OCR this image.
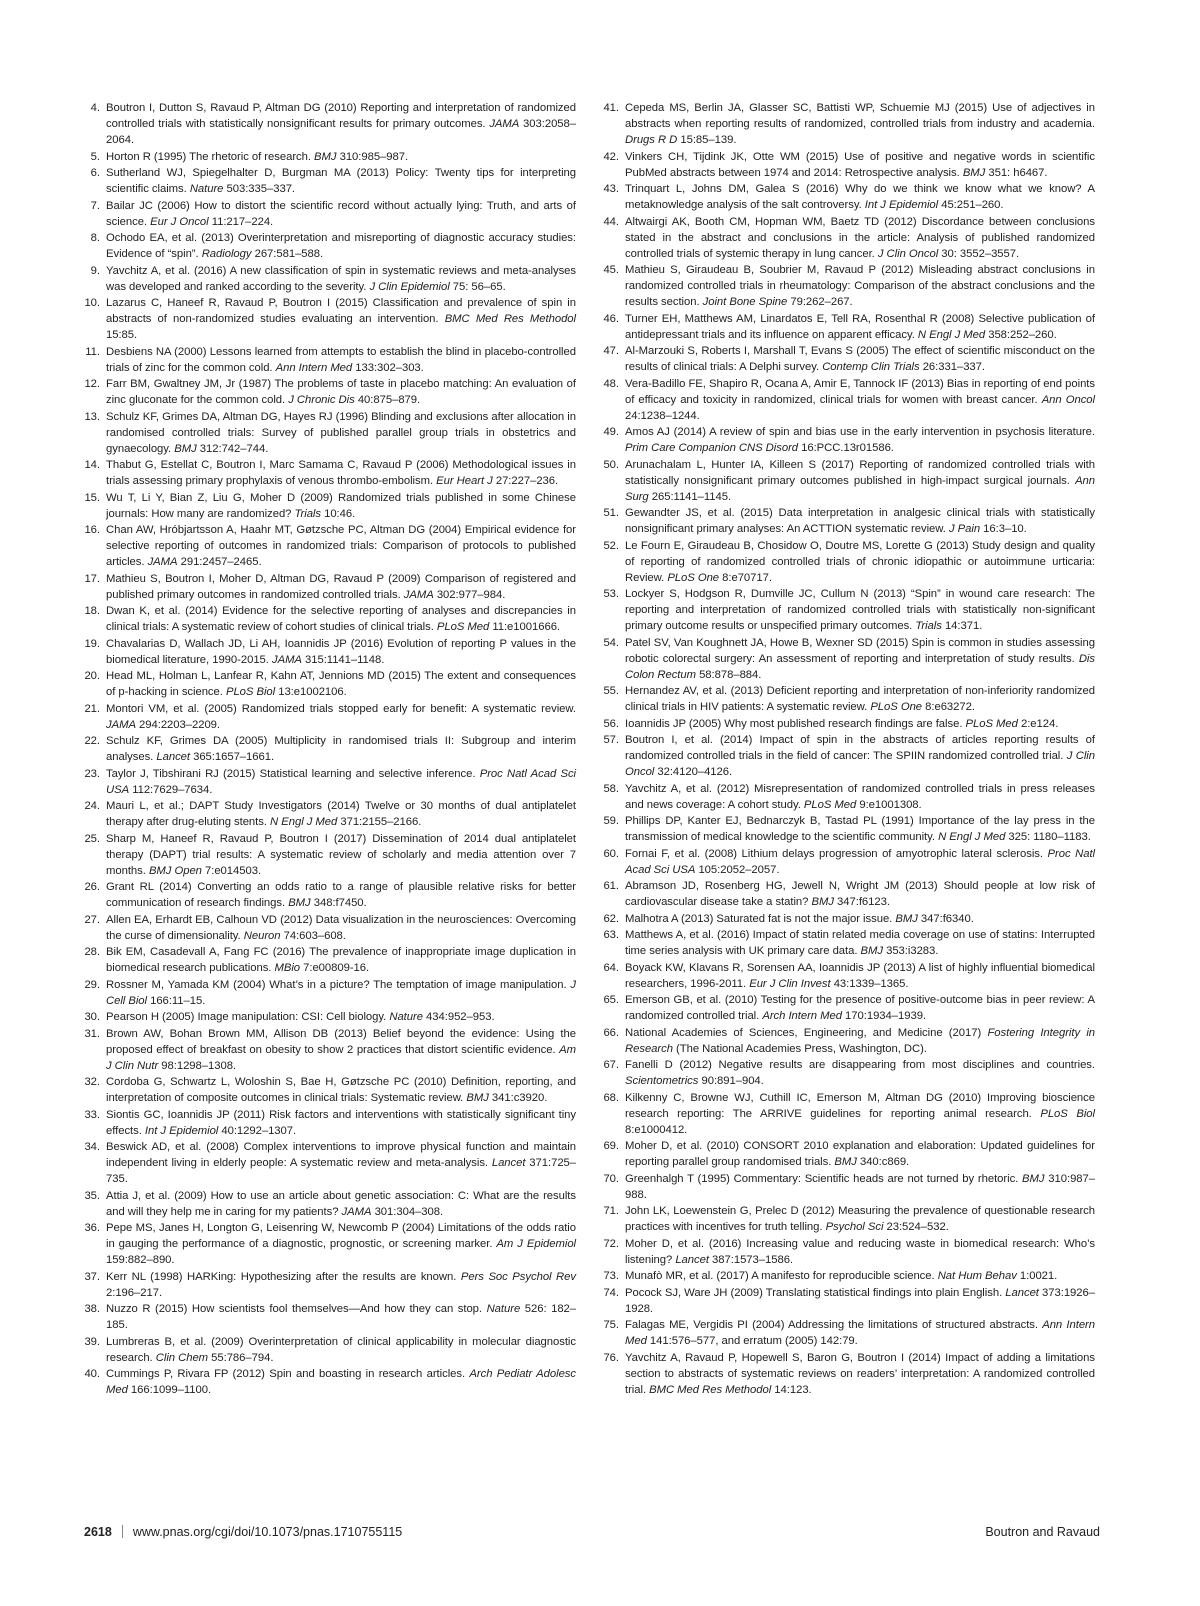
4. Boutron I, Dutton S, Ravaud P, Altman DG (2010) Reporting and interpretation of randomized controlled trials with statistically nonsignificant results for primary outcomes. JAMA 303:2058–2064.
5. Horton R (1995) The rhetoric of research. BMJ 310:985–987.
6. Sutherland WJ, Spiegelhalter D, Burgman MA (2013) Policy: Twenty tips for interpreting scientific claims. Nature 503:335–337.
7. Bailar JC (2006) How to distort the scientific record without actually lying: Truth, and arts of science. Eur J Oncol 11:217–224.
8. Ochodo EA, et al. (2013) Overinterpretation and misreporting of diagnostic accuracy studies: Evidence of “spin”. Radiology 267:581–588.
9. Yavchitz A, et al. (2016) A new classification of spin in systematic reviews and meta-analyses was developed and ranked according to the severity. J Clin Epidemiol 75: 56–65.
10. Lazarus C, Haneef R, Ravaud P, Boutron I (2015) Classification and prevalence of spin in abstracts of non-randomized studies evaluating an intervention. BMC Med Res Methodol 15:85.
11. Desbiens NA (2000) Lessons learned from attempts to establish the blind in placebo-controlled trials of zinc for the common cold. Ann Intern Med 133:302–303.
12. Farr BM, Gwaltney JM, Jr (1987) The problems of taste in placebo matching: An evaluation of zinc gluconate for the common cold. J Chronic Dis 40:875–879.
13. Schulz KF, Grimes DA, Altman DG, Hayes RJ (1996) Blinding and exclusions after allocation in randomised controlled trials: Survey of published parallel group trials in obstetrics and gynaecology. BMJ 312:742–744.
14. Thabut G, Estellat C, Boutron I, Marc Samama C, Ravaud P (2006) Methodological issues in trials assessing primary prophylaxis of venous thrombo-embolism. Eur Heart J 27:227–236.
15. Wu T, Li Y, Bian Z, Liu G, Moher D (2009) Randomized trials published in some Chinese journals: How many are randomized? Trials 10:46.
16. Chan AW, Hróbjartsson A, Haahr MT, Gøtzsche PC, Altman DG (2004) Empirical evidence for selective reporting of outcomes in randomized trials: Comparison of protocols to published articles. JAMA 291:2457–2465.
17. Mathieu S, Boutron I, Moher D, Altman DG, Ravaud P (2009) Comparison of registered and published primary outcomes in randomized controlled trials. JAMA 302:977–984.
18. Dwan K, et al. (2014) Evidence for the selective reporting of analyses and discrepancies in clinical trials: A systematic review of cohort studies of clinical trials. PLoS Med 11:e1001666.
19. Chavalarias D, Wallach JD, Li AH, Ioannidis JP (2016) Evolution of reporting P values in the biomedical literature, 1990-2015. JAMA 315:1141–1148.
20. Head ML, Holman L, Lanfear R, Kahn AT, Jennions MD (2015) The extent and consequences of p-hacking in science. PLoS Biol 13:e1002106.
21. Montori VM, et al. (2005) Randomized trials stopped early for benefit: A systematic review. JAMA 294:2203–2209.
22. Schulz KF, Grimes DA (2005) Multiplicity in randomised trials II: Subgroup and interim analyses. Lancet 365:1657–1661.
23. Taylor J, Tibshirani RJ (2015) Statistical learning and selective inference. Proc Natl Acad Sci USA 112:7629–7634.
24. Mauri L, et al.; DAPT Study Investigators (2014) Twelve or 30 months of dual antiplatelet therapy after drug-eluting stents. N Engl J Med 371:2155–2166.
25. Sharp M, Haneef R, Ravaud P, Boutron I (2017) Dissemination of 2014 dual antiplatelet therapy (DAPT) trial results: A systematic review of scholarly and media attention over 7 months. BMJ Open 7:e014503.
26. Grant RL (2014) Converting an odds ratio to a range of plausible relative risks for better communication of research findings. BMJ 348:f7450.
27. Allen EA, Erhardt EB, Calhoun VD (2012) Data visualization in the neurosciences: Overcoming the curse of dimensionality. Neuron 74:603–608.
28. Bik EM, Casadevall A, Fang FC (2016) The prevalence of inappropriate image duplication in biomedical research publications. MBio 7:e00809-16.
29. Rossner M, Yamada KM (2004) What’s in a picture? The temptation of image manipulation. J Cell Biol 166:11–15.
30. Pearson H (2005) Image manipulation: CSI: Cell biology. Nature 434:952–953.
31. Brown AW, Bohan Brown MM, Allison DB (2013) Belief beyond the evidence: Using the proposed effect of breakfast on obesity to show 2 practices that distort scientific evidence. Am J Clin Nutr 98:1298–1308.
32. Cordoba G, Schwartz L, Woloshin S, Bae H, Gøtzsche PC (2010) Definition, reporting, and interpretation of composite outcomes in clinical trials: Systematic review. BMJ 341:c3920.
33. Siontis GC, Ioannidis JP (2011) Risk factors and interventions with statistically significant tiny effects. Int J Epidemiol 40:1292–1307.
34. Beswick AD, et al. (2008) Complex interventions to improve physical function and maintain independent living in elderly people: A systematic review and meta-analysis. Lancet 371:725–735.
35. Attia J, et al. (2009) How to use an article about genetic association: C: What are the results and will they help me in caring for my patients? JAMA 301:304–308.
36. Pepe MS, Janes H, Longton G, Leisenring W, Newcomb P (2004) Limitations of the odds ratio in gauging the performance of a diagnostic, prognostic, or screening marker. Am J Epidemiol 159:882–890.
37. Kerr NL (1998) HARKing: Hypothesizing after the results are known. Pers Soc Psychol Rev 2:196–217.
38. Nuzzo R (2015) How scientists fool themselves—And how they can stop. Nature 526: 182–185.
39. Lumbreras B, et al. (2009) Overinterpretation of clinical applicability in molecular diagnostic research. Clin Chem 55:786–794.
40. Cummings P, Rivara FP (2012) Spin and boasting in research articles. Arch Pediatr Adolesc Med 166:1099–1100.
41. Cepeda MS, Berlin JA, Glasser SC, Battisti WP, Schuemie MJ (2015) Use of adjectives in abstracts when reporting results of randomized, controlled trials from industry and academia. Drugs R D 15:85–139.
42. Vinkers CH, Tijdink JK, Otte WM (2015) Use of positive and negative words in scientific PubMed abstracts between 1974 and 2014: Retrospective analysis. BMJ 351: h6467.
43. Trinquart L, Johns DM, Galea S (2016) Why do we think we know what we know? A metaknowledge analysis of the salt controversy. Int J Epidemiol 45:251–260.
44. Altwairgi AK, Booth CM, Hopman WM, Baetz TD (2012) Discordance between conclusions stated in the abstract and conclusions in the article: Analysis of published randomized controlled trials of systemic therapy in lung cancer. J Clin Oncol 30: 3552–3557.
45. Mathieu S, Giraudeau B, Soubrier M, Ravaud P (2012) Misleading abstract conclusions in randomized controlled trials in rheumatology: Comparison of the abstract conclusions and the results section. Joint Bone Spine 79:262–267.
46. Turner EH, Matthews AM, Linardatos E, Tell RA, Rosenthal R (2008) Selective publication of antidepressant trials and its influence on apparent efficacy. N Engl J Med 358:252–260.
47. Al-Marzouki S, Roberts I, Marshall T, Evans S (2005) The effect of scientific misconduct on the results of clinical trials: A Delphi survey. Contemp Clin Trials 26:331–337.
48. Vera-Badillo FE, Shapiro R, Ocana A, Amir E, Tannock IF (2013) Bias in reporting of end points of efficacy and toxicity in randomized, clinical trials for women with breast cancer. Ann Oncol 24:1238–1244.
49. Amos AJ (2014) A review of spin and bias use in the early intervention in psychosis literature. Prim Care Companion CNS Disord 16:PCC.13r01586.
50. Arunachalam L, Hunter IA, Killeen S (2017) Reporting of randomized controlled trials with statistically nonsignificant primary outcomes published in high-impact surgical journals. Ann Surg 265:1141–1145.
51. Gewandter JS, et al. (2015) Data interpretation in analgesic clinical trials with statistically nonsignificant primary analyses: An ACTTION systematic review. J Pain 16:3–10.
52. Le Fourn E, Giraudeau B, Chosidow O, Doutre MS, Lorette G (2013) Study design and quality of reporting of randomized controlled trials of chronic idiopathic or autoimmune urticaria: Review. PLoS One 8:e70717.
53. Lockyer S, Hodgson R, Dumville JC, Cullum N (2013) “Spin” in wound care research: The reporting and interpretation of randomized controlled trials with statistically non-significant primary outcome results or unspecified primary outcomes. Trials 14:371.
54. Patel SV, Van Koughnett JA, Howe B, Wexner SD (2015) Spin is common in studies assessing robotic colorectal surgery: An assessment of reporting and interpretation of study results. Dis Colon Rectum 58:878–884.
55. Hernandez AV, et al. (2013) Deficient reporting and interpretation of non-inferiority randomized clinical trials in HIV patients: A systematic review. PLoS One 8:e63272.
56. Ioannidis JP (2005) Why most published research findings are false. PLoS Med 2:e124.
57. Boutron I, et al. (2014) Impact of spin in the abstracts of articles reporting results of randomized controlled trials in the field of cancer: The SPIIN randomized controlled trial. J Clin Oncol 32:4120–4126.
58. Yavchitz A, et al. (2012) Misrepresentation of randomized controlled trials in press releases and news coverage: A cohort study. PLoS Med 9:e1001308.
59. Phillips DP, Kanter EJ, Bednarczyk B, Tastad PL (1991) Importance of the lay press in the transmission of medical knowledge to the scientific community. N Engl J Med 325: 1180–1183.
60. Fornai F, et al. (2008) Lithium delays progression of amyotrophic lateral sclerosis. Proc Natl Acad Sci USA 105:2052–2057.
61. Abramson JD, Rosenberg HG, Jewell N, Wright JM (2013) Should people at low risk of cardiovascular disease take a statin? BMJ 347:f6123.
62. Malhotra A (2013) Saturated fat is not the major issue. BMJ 347:f6340.
63. Matthews A, et al. (2016) Impact of statin related media coverage on use of statins: Interrupted time series analysis with UK primary care data. BMJ 353:i3283.
64. Boyack KW, Klavans R, Sorensen AA, Ioannidis JP (2013) A list of highly influential biomedical researchers, 1996-2011. Eur J Clin Invest 43:1339–1365.
65. Emerson GB, et al. (2010) Testing for the presence of positive-outcome bias in peer review: A randomized controlled trial. Arch Intern Med 170:1934–1939.
66. National Academies of Sciences, Engineering, and Medicine (2017) Fostering Integrity in Research (The National Academies Press, Washington, DC).
67. Fanelli D (2012) Negative results are disappearing from most disciplines and countries. Scientometrics 90:891–904.
68. Kilkenny C, Browne WJ, Cuthill IC, Emerson M, Altman DG (2010) Improving bioscience research reporting: The ARRIVE guidelines for reporting animal research. PLoS Biol 8:e1000412.
69. Moher D, et al. (2010) CONSORT 2010 explanation and elaboration: Updated guidelines for reporting parallel group randomised trials. BMJ 340:c869.
70. Greenhalgh T (1995) Commentary: Scientific heads are not turned by rhetoric. BMJ 310:987–988.
71. John LK, Loewenstein G, Prelec D (2012) Measuring the prevalence of questionable research practices with incentives for truth telling. Psychol Sci 23:524–532.
72. Moher D, et al. (2016) Increasing value and reducing waste in biomedical research: Who’s listening? Lancet 387:1573–1586.
73. Munafò MR, et al. (2017) A manifesto for reproducible science. Nat Hum Behav 1:0021.
74. Pocock SJ, Ware JH (2009) Translating statistical findings into plain English. Lancet 373:1926–1928.
75. Falagas ME, Vergidis PI (2004) Addressing the limitations of structured abstracts. Ann Intern Med 141:576–577, and erratum (2005) 142:79.
76. Yavchitz A, Ravaud P, Hopewell S, Baron G, Boutron I (2014) Impact of adding a limitations section to abstracts of systematic reviews on readers’ interpretation: A randomized controlled trial. BMC Med Res Methodol 14:123.
2618 www.pnas.org/cgi/doi/10.1073/pnas.1710755115	Boutron and Ravaud
